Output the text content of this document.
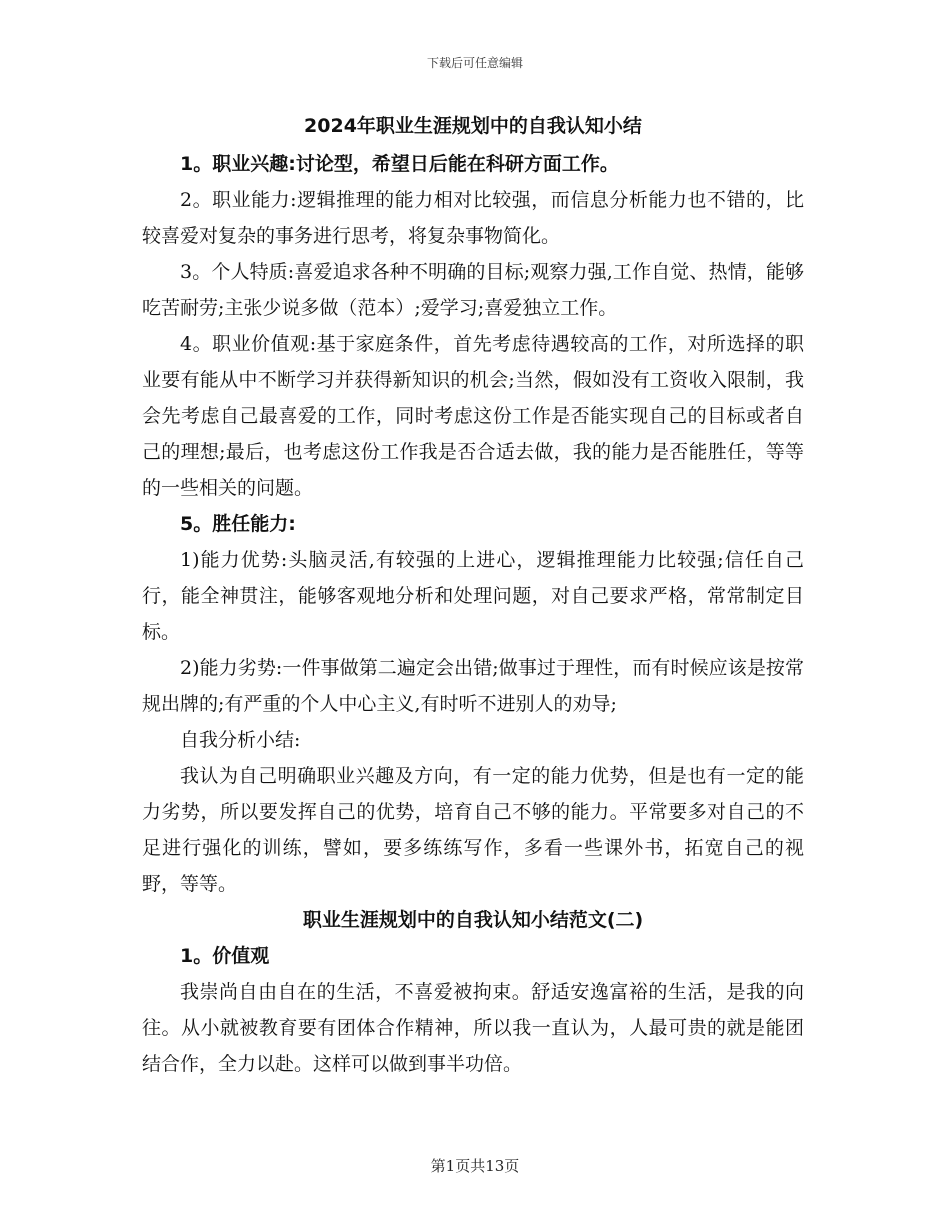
下载后可任意编辑

2024年职业生涯规划中的自我认知小结

1。职业兴趣:讨论型，希望日后能在科研方面工作。

2。职业能力:逻辑推理的能力相对比较强，而信息分析能力也不错的，比较喜爱对复杂的事务进行思考，将复杂事物简化。

3。个人特质:喜爱追求各种不明确的目标;观察力强,工作自觉、热情，能够吃苦耐劳;主张少说多做（范本）;爱学习;喜爱独立工作。

4。职业价值观:基于家庭条件，首先考虑待遇较高的工作，对所选择的职业要有能从中不断学习并获得新知识的机会;当然，假如没有工资收入限制，我会先考虑自己最喜爱的工作，同时考虑这份工作是否能实现自己的目标或者自己的理想;最后，也考虑这份工作我是否合适去做，我的能力是否能胜任，等等的一些相关的问题。

5。胜任能力:

1)能力优势:头脑灵活,有较强的上进心，逻辑推理能力比较强;信任自己行，能全神贯注，能够客观地分析和处理问题，对自己要求严格，常常制定目标。

2)能力劣势:一件事做第二遍定会出错;做事过于理性，而有时候应该是按常规出牌的;有严重的个人中心主义,有时听不进别人的劝导;

自我分析小结:

我认为自己明确职业兴趣及方向，有一定的能力优势，但是也有一定的能力劣势，所以要发挥自己的优势，培育自己不够的能力。平常要多对自己的不足进行强化的训练，譬如，要多练练写作，多看一些课外书，拓宽自己的视野，等等。

职业生涯规划中的自我认知小结范文(二)

1。价值观

我崇尚自由自在的生活，不喜爱被拘束。舒适安逸富裕的生活，是我的向往。从小就被教育要有团体合作精神，所以我一直认为，人最可贵的就是能团结合作，全力以赴。这样可以做到事半功倍。

第1页共13页
